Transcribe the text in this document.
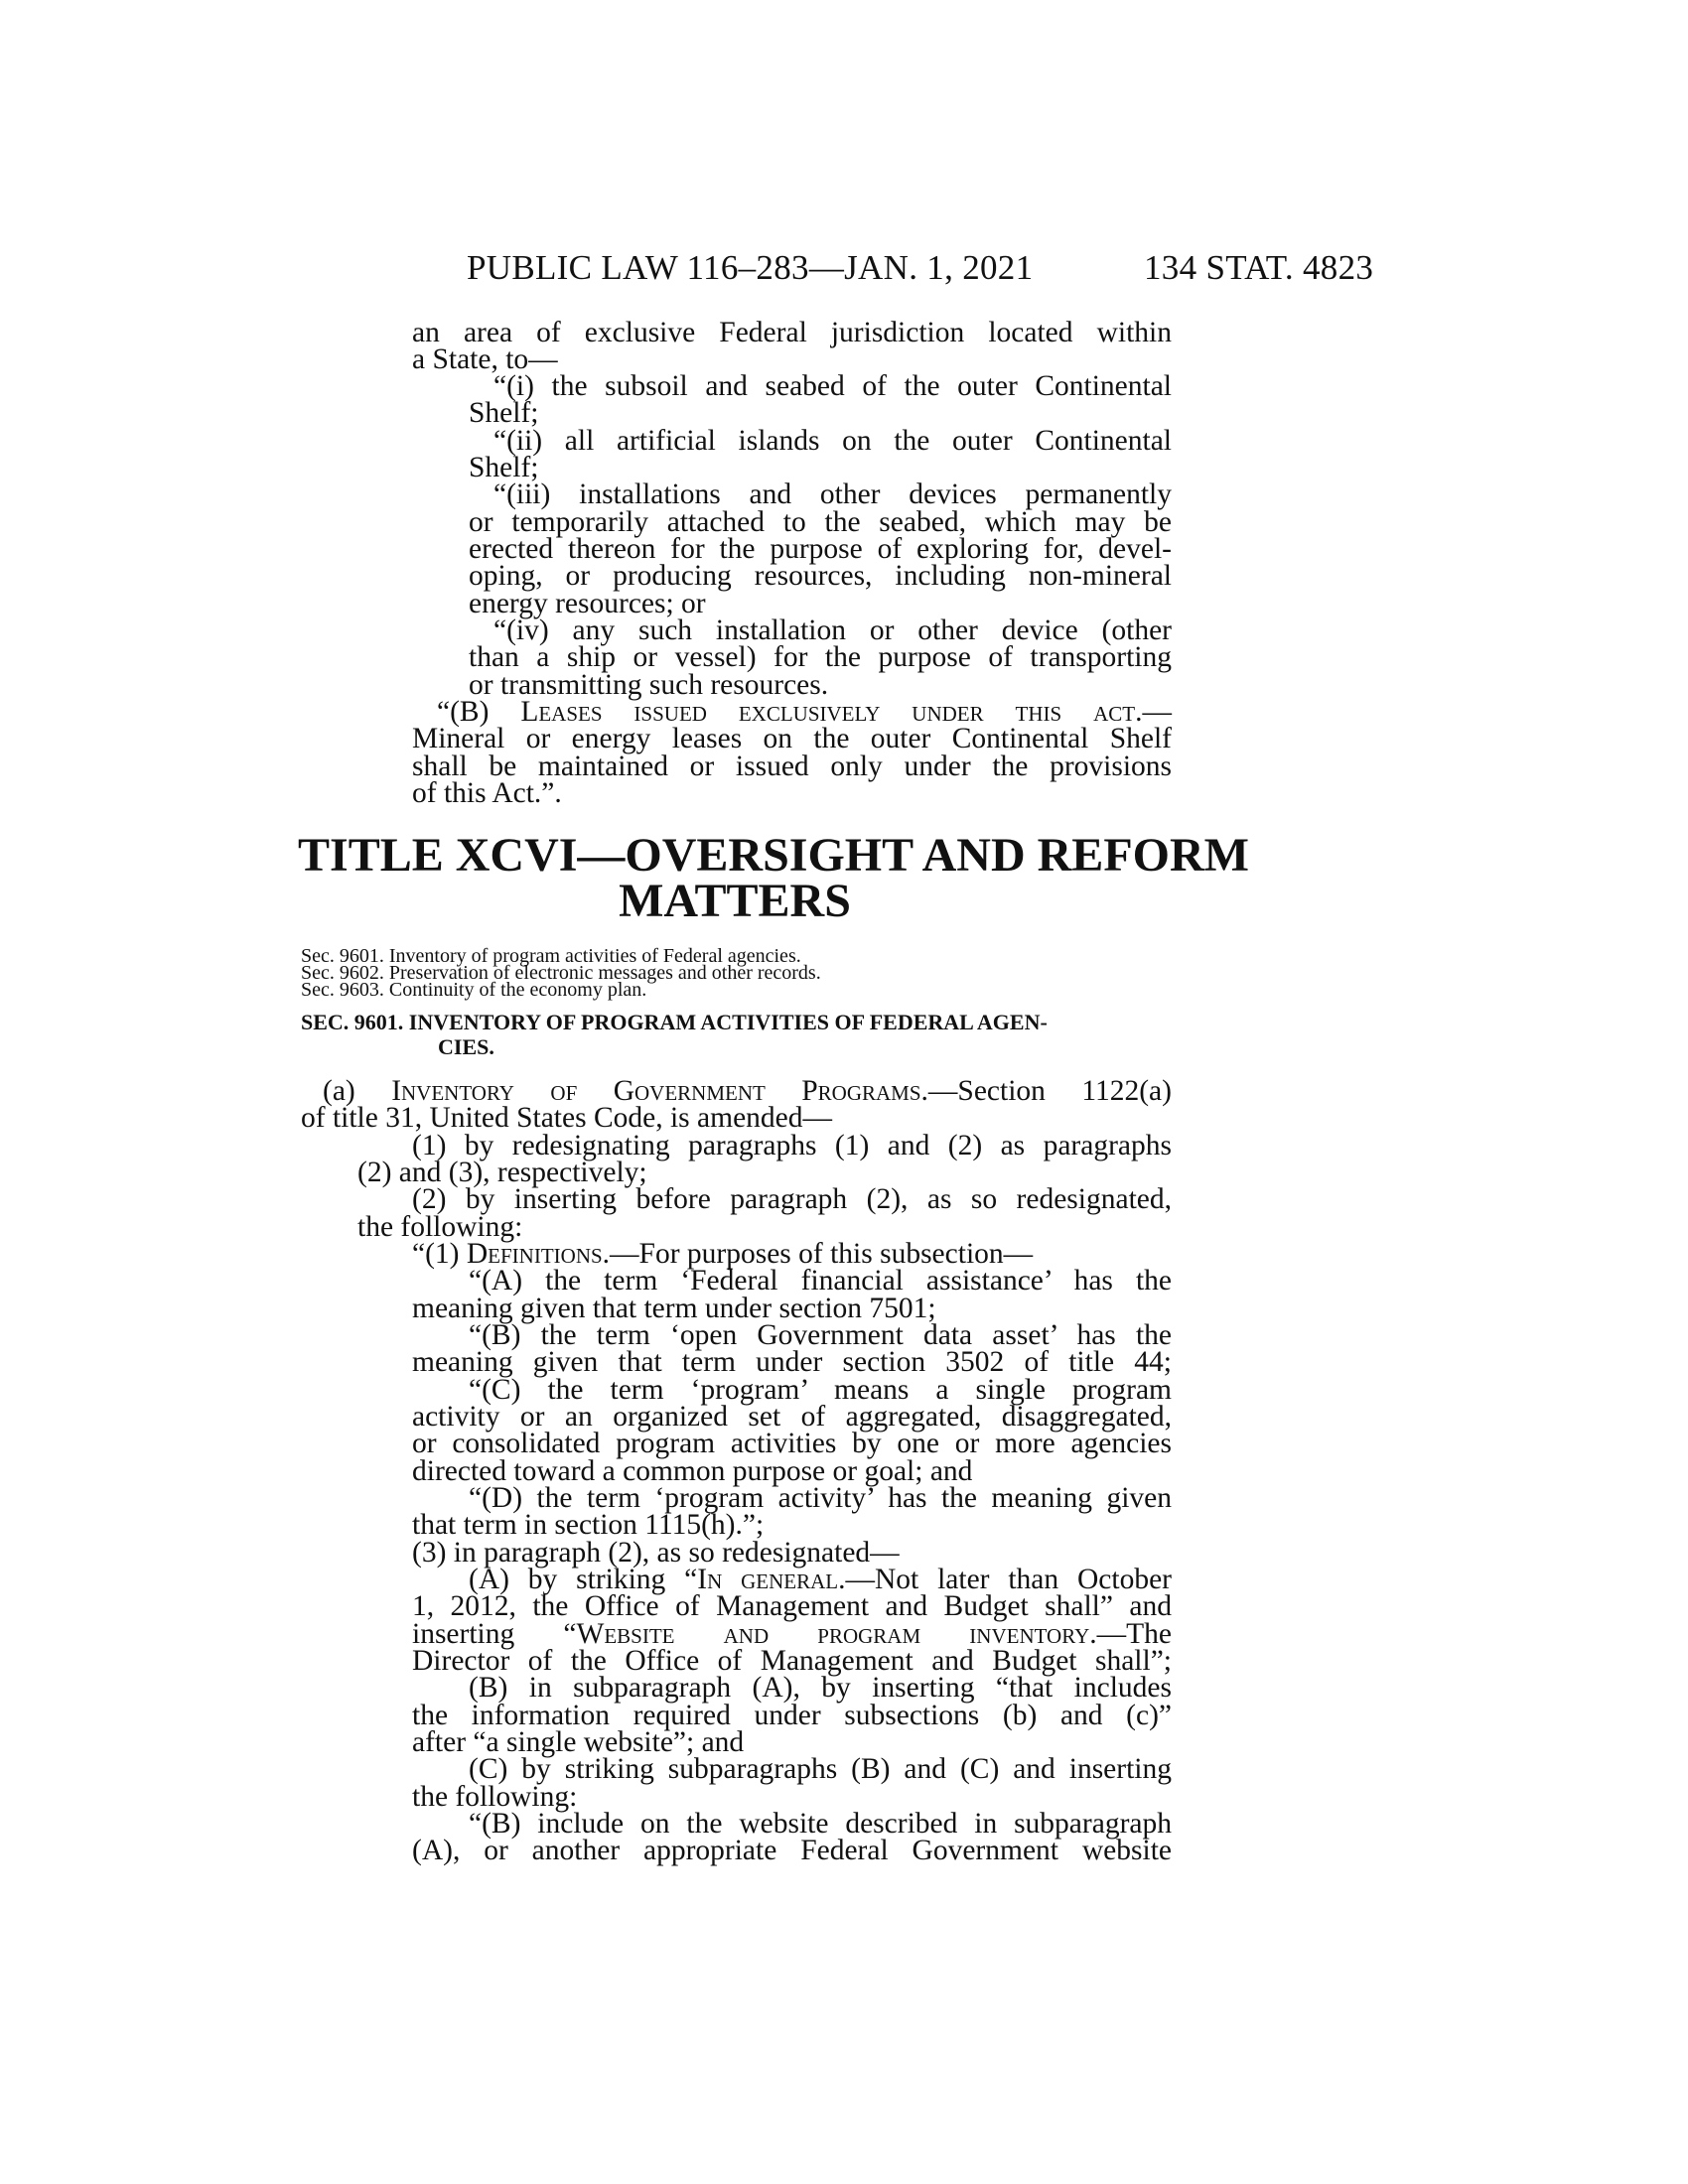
PUBLIC LAW 116–283—JAN. 1, 2021	134 STAT. 4823
an area of exclusive Federal jurisdiction located within
a State, to—
“(i) the subsoil and seabed of the outer Continental
Shelf;
“(ii) all artificial islands on the outer Continental
Shelf;
“(iii) installations and other devices permanently
or temporarily attached to the seabed, which may be
erected thereon for the purpose of exploring for, devel-
oping, or producing resources, including non-mineral
energy resources; or
“(iv) any such installation or other device (other
than a ship or vessel) for the purpose of transporting
or transmitting such resources.
“(B) Leases issued exclusively under this act.—
Mineral or energy leases on the outer Continental Shelf
shall be maintained or issued only under the provisions
of this Act.”.
TITLE XCVI—OVERSIGHT AND REFORM
MATTERS
Sec. 9601. Inventory of program activities of Federal agencies.
Sec. 9602. Preservation of electronic messages and other records.
Sec. 9603. Continuity of the economy plan.
SEC. 9601. INVENTORY OF PROGRAM ACTIVITIES OF FEDERAL AGEN-
CIES.
(a) Inventory of Government Programs.—Section 1122(a)
of title 31, United States Code, is amended—
(1) by redesignating paragraphs (1) and (2) as paragraphs
(2) and (3), respectively;
(2) by inserting before paragraph (2), as so redesignated,
the following:
“(1) Definitions.—For purposes of this subsection—
“(A) the term ‘Federal financial assistance’ has the
meaning given that term under section 7501;
“(B) the term ‘open Government data asset’ has the
meaning given that term under section 3502 of title 44;
“(C) the term ‘program’ means a single program
activity or an organized set of aggregated, disaggregated,
or consolidated program activities by one or more agencies
directed toward a common purpose or goal; and
“(D) the term ‘program activity’ has the meaning given
that term in section 1115(h).”;
(3) in paragraph (2), as so redesignated—
(A) by striking “In general.—Not later than October
1, 2012, the Office of Management and Budget shall” and
inserting “Website and program inventory.—The
Director of the Office of Management and Budget shall”;
(B) in subparagraph (A), by inserting “that includes
the information required under subsections (b) and (c)”
after “a single website”; and
(C) by striking subparagraphs (B) and (C) and inserting
the following:
“(B) include on the website described in subparagraph
(A), or another appropriate Federal Government website
